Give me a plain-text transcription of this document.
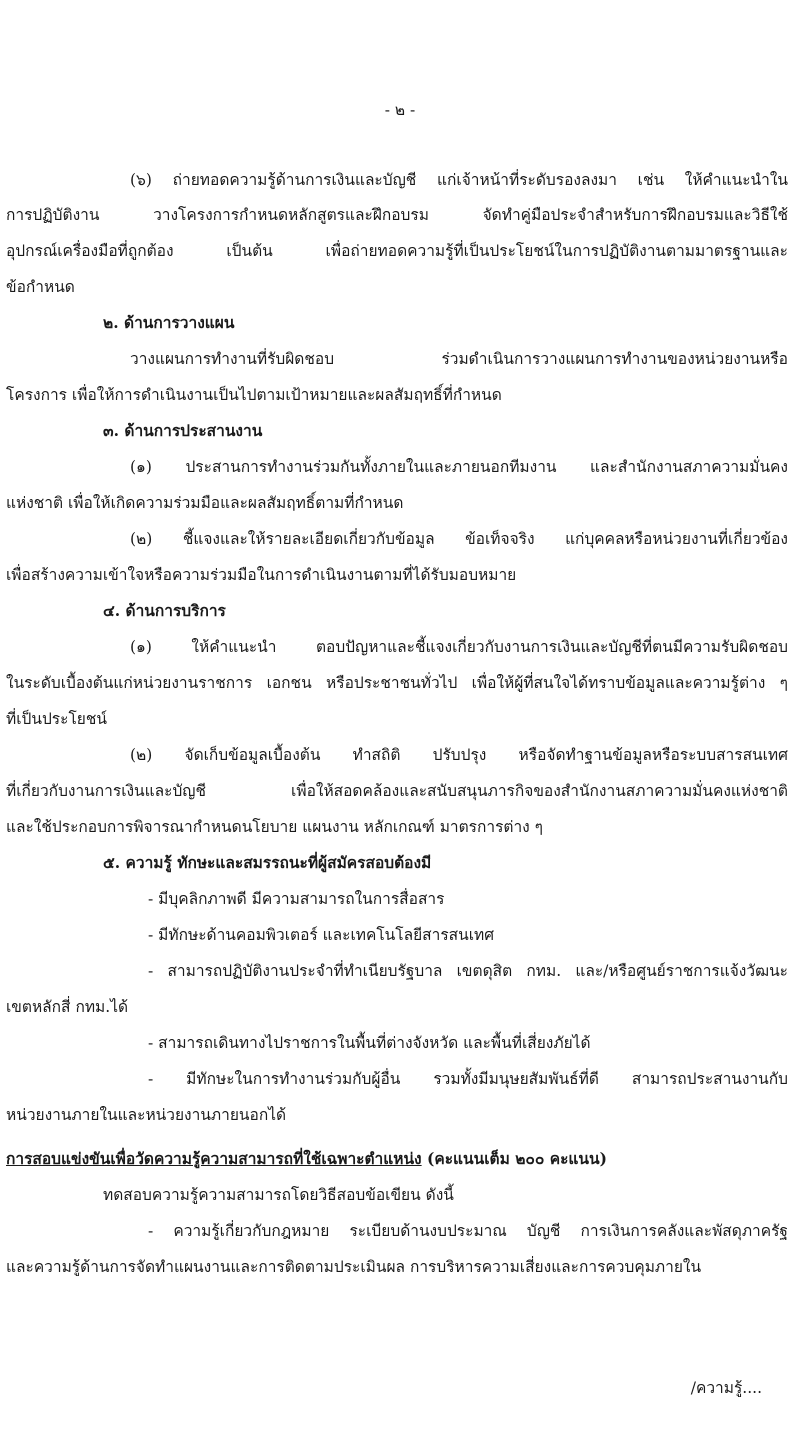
- ๒ -
(๖) ถ่ายทอดความรู้ด้านการเงินและบัญชี แก่เจ้าหน้าที่ระดับรองลงมา เช่น ให้คำแนะนำใน
การปฏิบัติงาน วางโครงการกำหนดหลักสูตรและฝึกอบรม จัดทำคู่มือประจำสำหรับการฝึกอบรมและวิธีใช้
อุปกรณ์เครื่องมือที่ถูกต้อง เป็นต้น เพื่อถ่ายทอดความรู้ที่เป็นประโยชน์ในการปฏิบัติงานตามมาตรฐานและ
ข้อกำหนด
๒. ด้านการวางแผน
วางแผนการทำงานที่รับผิดชอบ ร่วมดำเนินการวางแผนการทำงานของหน่วยงานหรือ
โครงการ เพื่อให้การดำเนินงานเป็นไปตามเป้าหมายและผลสัมฤทธิ์ที่กำหนด
๓. ด้านการประสานงาน
(๑) ประสานการทำงานร่วมกันทั้งภายในและภายนอกทีมงาน และสำนักงานสภาความมั่นคง
แห่งชาติ เพื่อให้เกิดความร่วมมือและผลสัมฤทธิ์ตามที่กำหนด
(๒) ชี้แจงและให้รายละเอียดเกี่ยวกับข้อมูล ข้อเท็จจริง แก่บุคคลหรือหน่วยงานที่เกี่ยวข้อง
เพื่อสร้างความเข้าใจหรือความร่วมมือในการดำเนินงานตามที่ได้รับมอบหมาย
๔. ด้านการบริการ
(๑) ให้คำแนะนำ ตอบปัญหาและชี้แจงเกี่ยวกับงานการเงินและบัญชีที่ตนมีความรับผิดชอบ
ในระดับเบื้องต้นแก่หน่วยงานราชการ เอกชน หรือประชาชนทั่วไป เพื่อให้ผู้ที่สนใจได้ทราบข้อมูลและความรู้ต่าง ๆ
ที่เป็นประโยชน์
(๒) จัดเก็บข้อมูลเบื้องต้น ทำสถิติ ปรับปรุง หรือจัดทำฐานข้อมูลหรือระบบสารสนเทศ
ที่เกี่ยวกับงานการเงินและบัญชี เพื่อให้สอดคล้องและสนับสนุนภารกิจของสำนักงานสภาความมั่นคงแห่งชาติ
และใช้ประกอบการพิจารณากำหนดนโยบาย แผนงาน หลักเกณฑ์ มาตรการต่าง ๆ
๕. ความรู้ ทักษะและสมรรถนะที่ผู้สมัครสอบต้องมี
- มีบุคลิกภาพดี มีความสามารถในการสื่อสาร
- มีทักษะด้านคอมพิวเตอร์ และเทคโนโลยีสารสนเทศ
- สามารถปฏิบัติงานประจำที่ทำเนียบรัฐบาล เขตดุสิต กทม. และ/หรือศูนย์ราชการแจ้งวัฒนะ
เขตหลักสี่ กทม.ได้
- สามารถเดินทางไปราชการในพื้นที่ต่างจังหวัด และพื้นที่เสี่ยงภัยได้
- มีทักษะในการทำงานร่วมกับผู้อื่น รวมทั้งมีมนุษยสัมพันธ์ที่ดี สามารถประสานงานกับ
หน่วยงานภายในและหน่วยงานภายนอกได้
การสอบแข่งขันเพื่อวัดความรู้ความสามารถที่ใช้เฉพาะตำแหน่ง (คะแนนเต็ม ๒๐๐ คะแนน)
ทดสอบความรู้ความสามารถโดยวิธีสอบข้อเขียน ดังนี้
- ความรู้เกี่ยวกับกฎหมาย ระเบียบด้านงบประมาณ บัญชี การเงินการคลังและพัสดุภาครัฐ
และความรู้ด้านการจัดทำแผนงานและการติดตามประเมินผล การบริหารความเสี่ยงและการควบคุมภายใน
/ความรู้....
